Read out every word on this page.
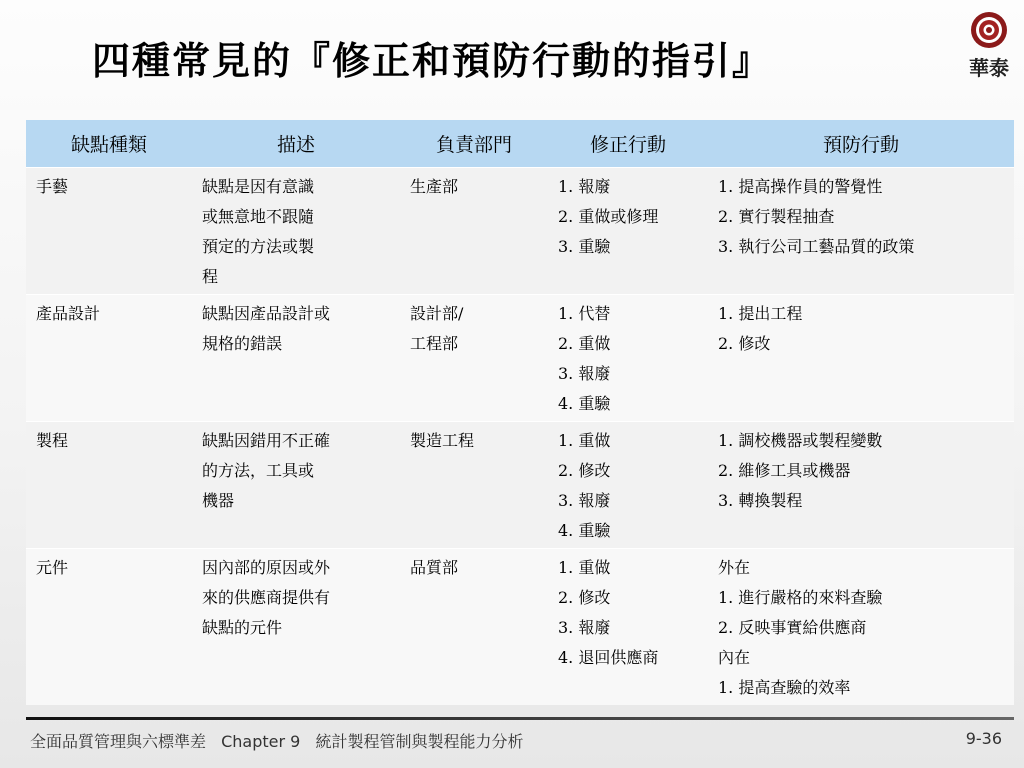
四種常見的『修正和預防行動的指引』	華泰
缺點種類	描述	負責部門	修正行動	預防行動

手藝	缺點是因有意識
或無意地不跟隨
預定的方法或製
程	生產部	1. 報廢
2. 重做或修理
3. 重驗	1. 提高操作員的警覺性
2. 實行製程抽查
3. 執行公司工藝品質的政策

產品設計	缺點因產品設計或
規格的錯誤	設計部/
工程部	1. 代替
2. 重做
3. 報廢
4. 重驗	1. 提出工程
2. 修改

製程	缺點因錯用不正確
的方法，工具或
機器	製造工程	1. 重做
2. 修改
3. 報廢
4. 重驗	1. 調校機器或製程變數
2. 維修工具或機器
3. 轉換製程

元件	因內部的原因或外
來的供應商提供有
缺點的元件	品質部	1. 重做
2. 修改
3. 報廢
4. 退回供應商	外在
1. 進行嚴格的來料查驗
2. 反映事實給供應商
內在
1. 提高查驗的效率
全面品質管理與六標準差 Chapter 9 統計製程管制與製程能力分析	9-36
